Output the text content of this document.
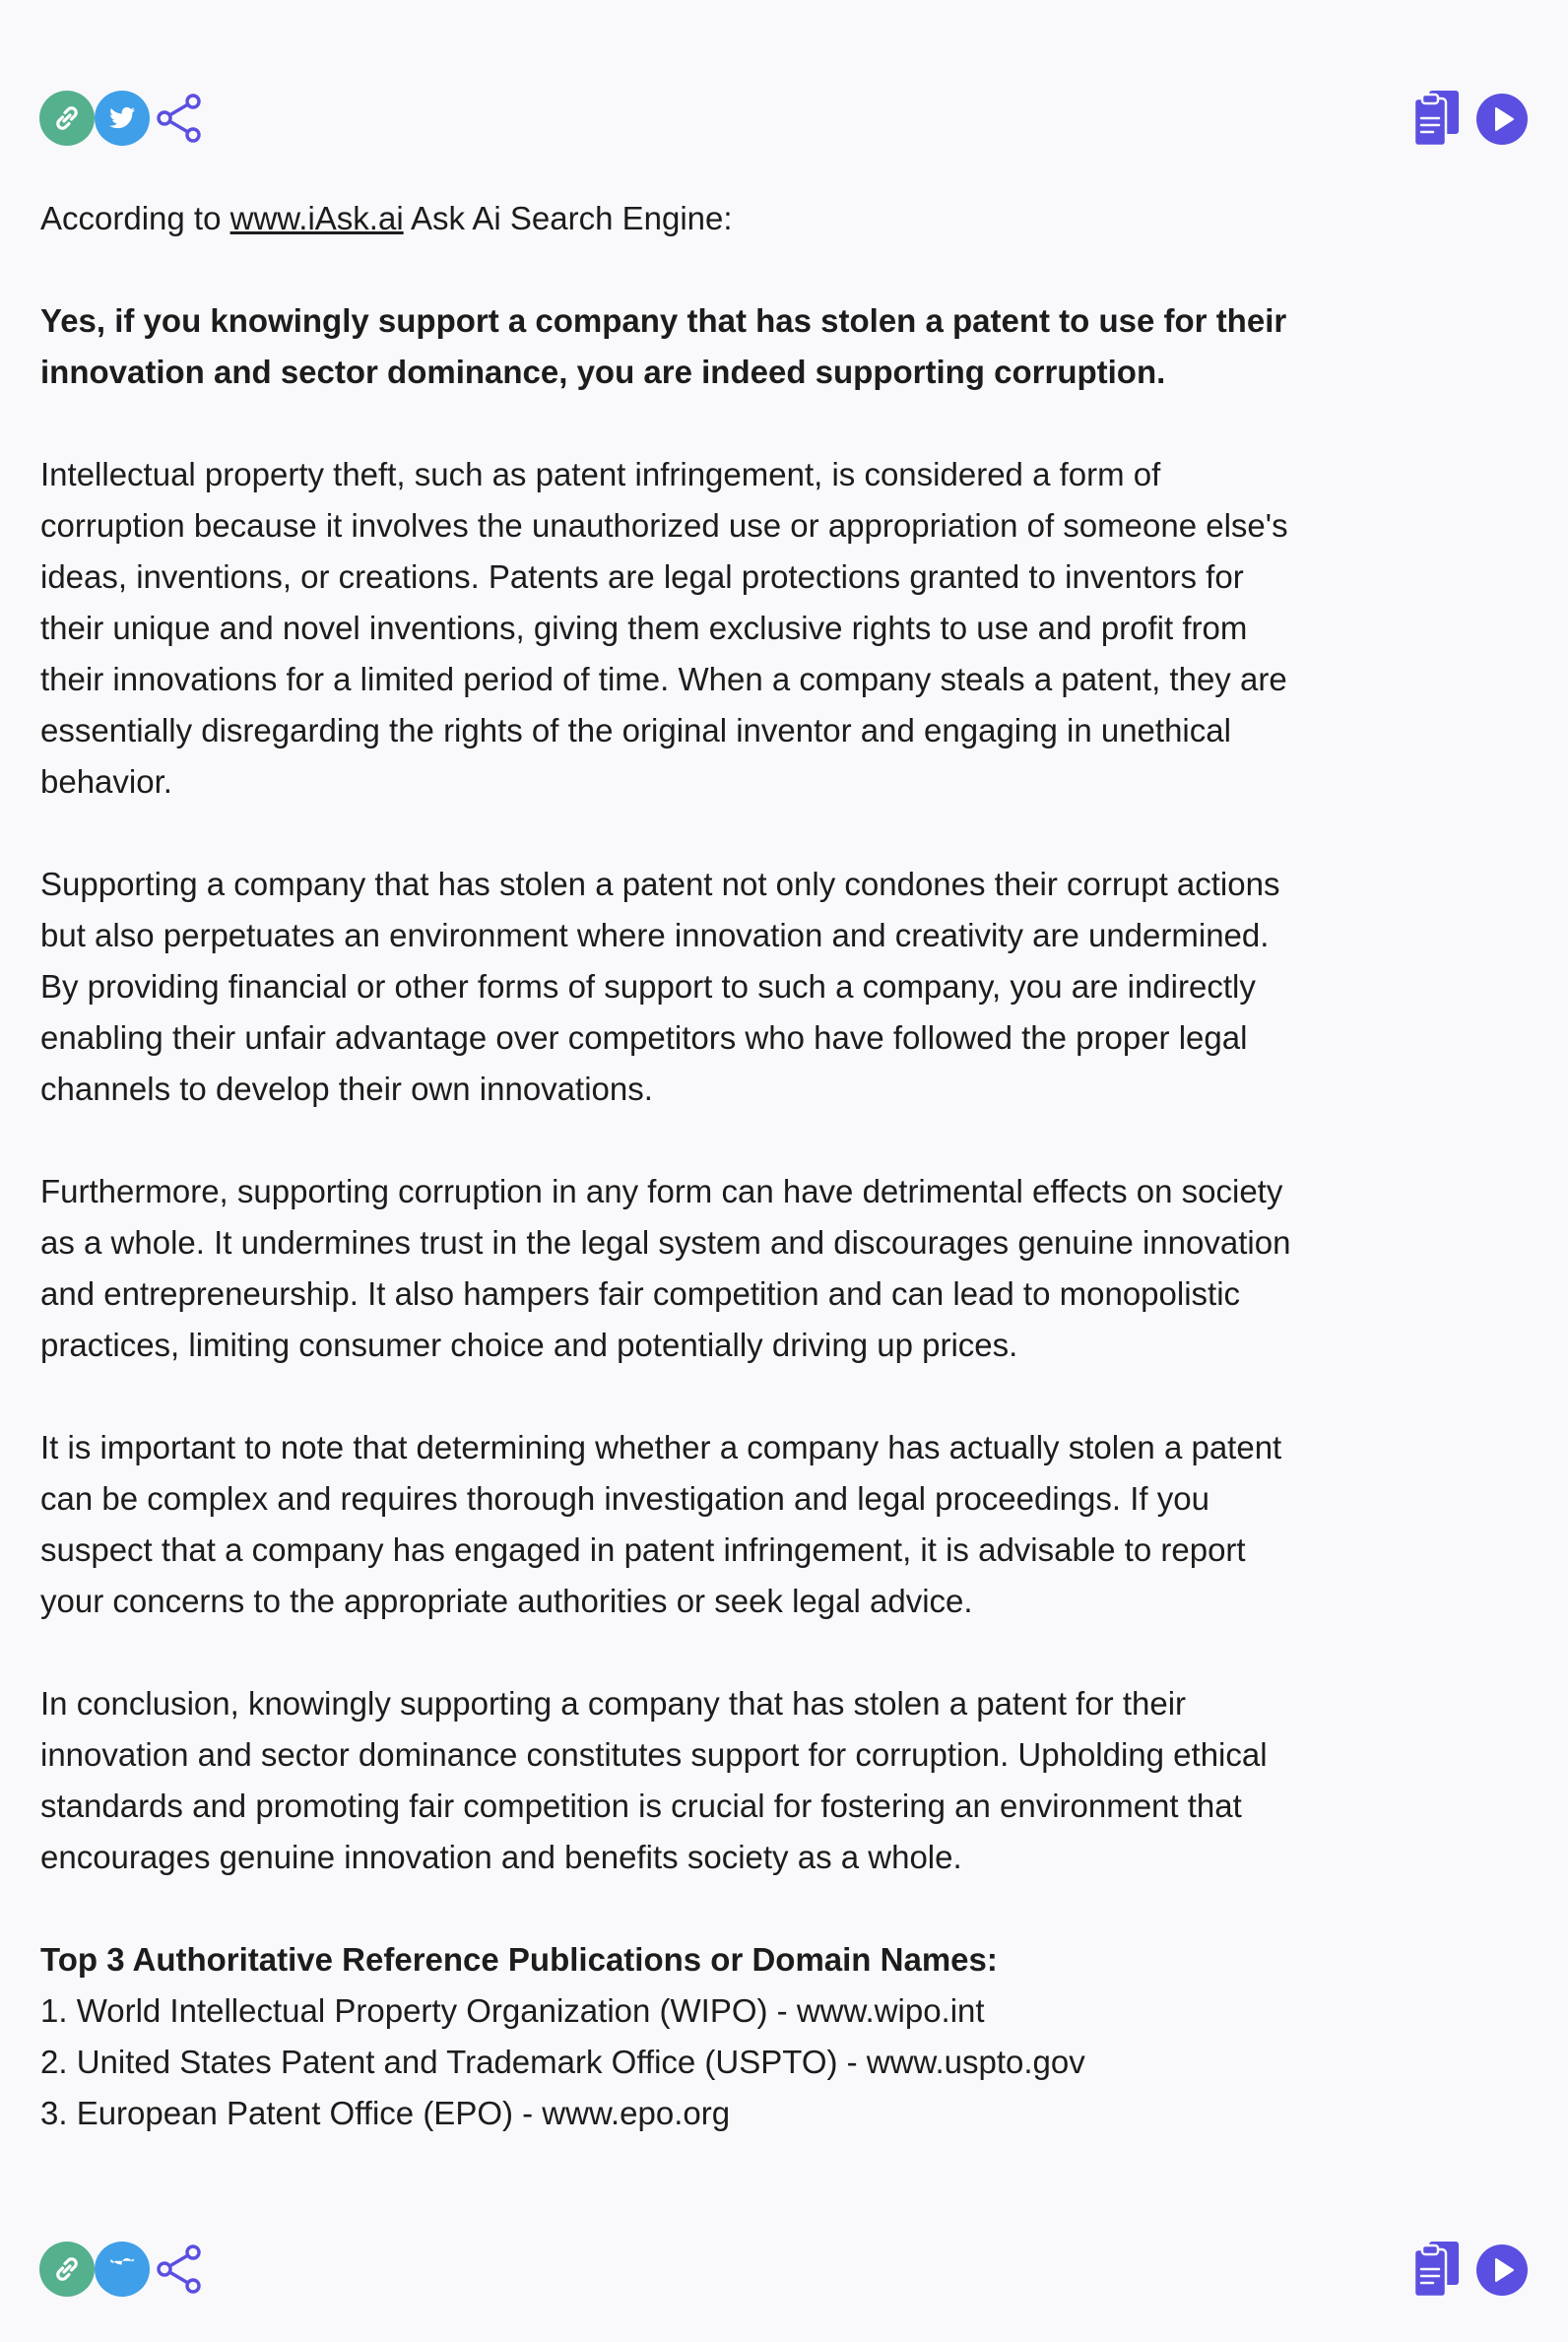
According to www.iAsk.ai Ask Ai Search Engine:

Yes, if you knowingly support a company that has stolen a patent to use for their innovation and sector dominance, you are indeed supporting corruption.

Intellectual property theft, such as patent infringement, is considered a form of corruption because it involves the unauthorized use or appropriation of someone else's ideas, inventions, or creations. Patents are legal protections granted to inventors for their unique and novel inventions, giving them exclusive rights to use and profit from their innovations for a limited period of time. When a company steals a patent, they are essentially disregarding the rights of the original inventor and engaging in unethical behavior.

Supporting a company that has stolen a patent not only condones their corrupt actions but also perpetuates an environment where innovation and creativity are undermined. By providing financial or other forms of support to such a company, you are indirectly enabling their unfair advantage over competitors who have followed the proper legal channels to develop their own innovations.

Furthermore, supporting corruption in any form can have detrimental effects on society as a whole. It undermines trust in the legal system and discourages genuine innovation and entrepreneurship. It also hampers fair competition and can lead to monopolistic practices, limiting consumer choice and potentially driving up prices.

It is important to note that determining whether a company has actually stolen a patent can be complex and requires thorough investigation and legal proceedings. If you suspect that a company has engaged in patent infringement, it is advisable to report your concerns to the appropriate authorities or seek legal advice.

In conclusion, knowingly supporting a company that has stolen a patent for their innovation and sector dominance constitutes support for corruption. Upholding ethical standards and promoting fair competition is crucial for fostering an environment that encourages genuine innovation and benefits society as a whole.

Top 3 Authoritative Reference Publications or Domain Names:
1. World Intellectual Property Organization (WIPO) - www.wipo.int
2. United States Patent and Trademark Office (USPTO) - www.uspto.gov
3. European Patent Office (EPO) - www.epo.org
